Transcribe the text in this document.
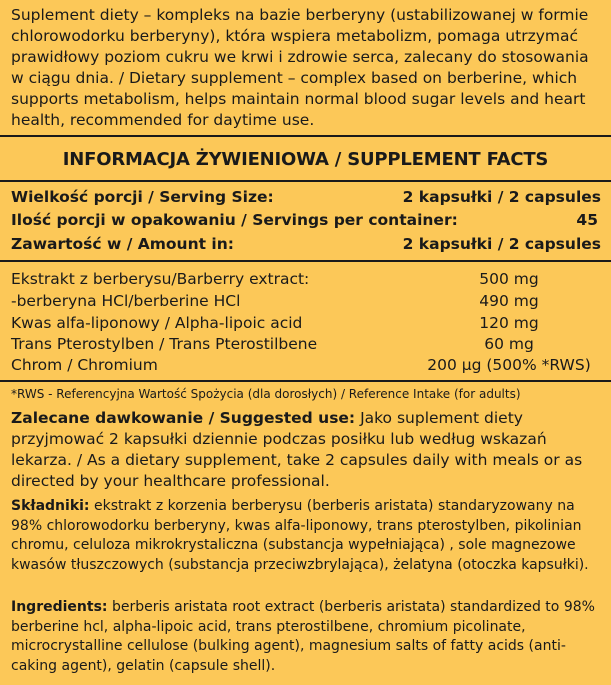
Suplement diety – kompleks na bazie berberyny (ustabilizowanej w formie chlorowodorku berberyny), która wspiera metabolizm, pomaga utrzymać prawidłowy poziom cukru we krwi i zdrowie serca, zalecany do stosowania w ciągu dnia. / Dietary supplement – complex based on berberine, which supports metabolism, helps maintain normal blood sugar levels and heart health, recommended for daytime use.
INFORMACJA ŻYWIENIOWA / SUPPLEMENT FACTS
Wielkość porcji / Serving Size:	2 kapsułki / 2 capsules
Ilość porcji w opakowaniu / Servings per container:	45
Zawartość w / Amount in:	2 kapsułki / 2 capsules
Ekstrakt z berberysu/Barberry extract:	500 mg
-berberyna HCl/berberine HCl	490 mg
Kwas alfa-liponowy / Alpha-lipoic acid	120 mg
Trans Pterostylben / Trans Pterostilbene	60 mg
Chrom / Chromium	200 µg (500% *RWS)
*RWS - Referencyjna Wartość Spożycia (dla dorosłych) / Reference Intake (for adults)
Zalecane dawkowanie / Suggested use: Jako suplement diety przyjmować 2 kapsułki dziennie podczas posiłku lub według wskazań lekarza. / As a dietary supplement, take 2 capsules daily with meals or as directed by your healthcare professional.
Składniki: ekstrakt z korzenia berberysu (berberis aristata) standaryzowany na 98% chlorowodorku berberyny, kwas alfa-liponowy, trans pterostylben, pikolinian chromu, celuloza mikrokrystaliczna (substancja wypełniająca) , sole magnezowe kwasów tłuszczowych (substancja przeciwzbrylająca), żelatyna (otoczka kapsułki).
Ingredients: berberis aristata root extract (berberis aristata) standardized to 98% berberine hcl, alpha-lipoic acid, trans pterostilbene, chromium picolinate, microcrystalline cellulose (bulking agent), magnesium salts of fatty acids (anti-caking agent), gelatin (capsule shell).
